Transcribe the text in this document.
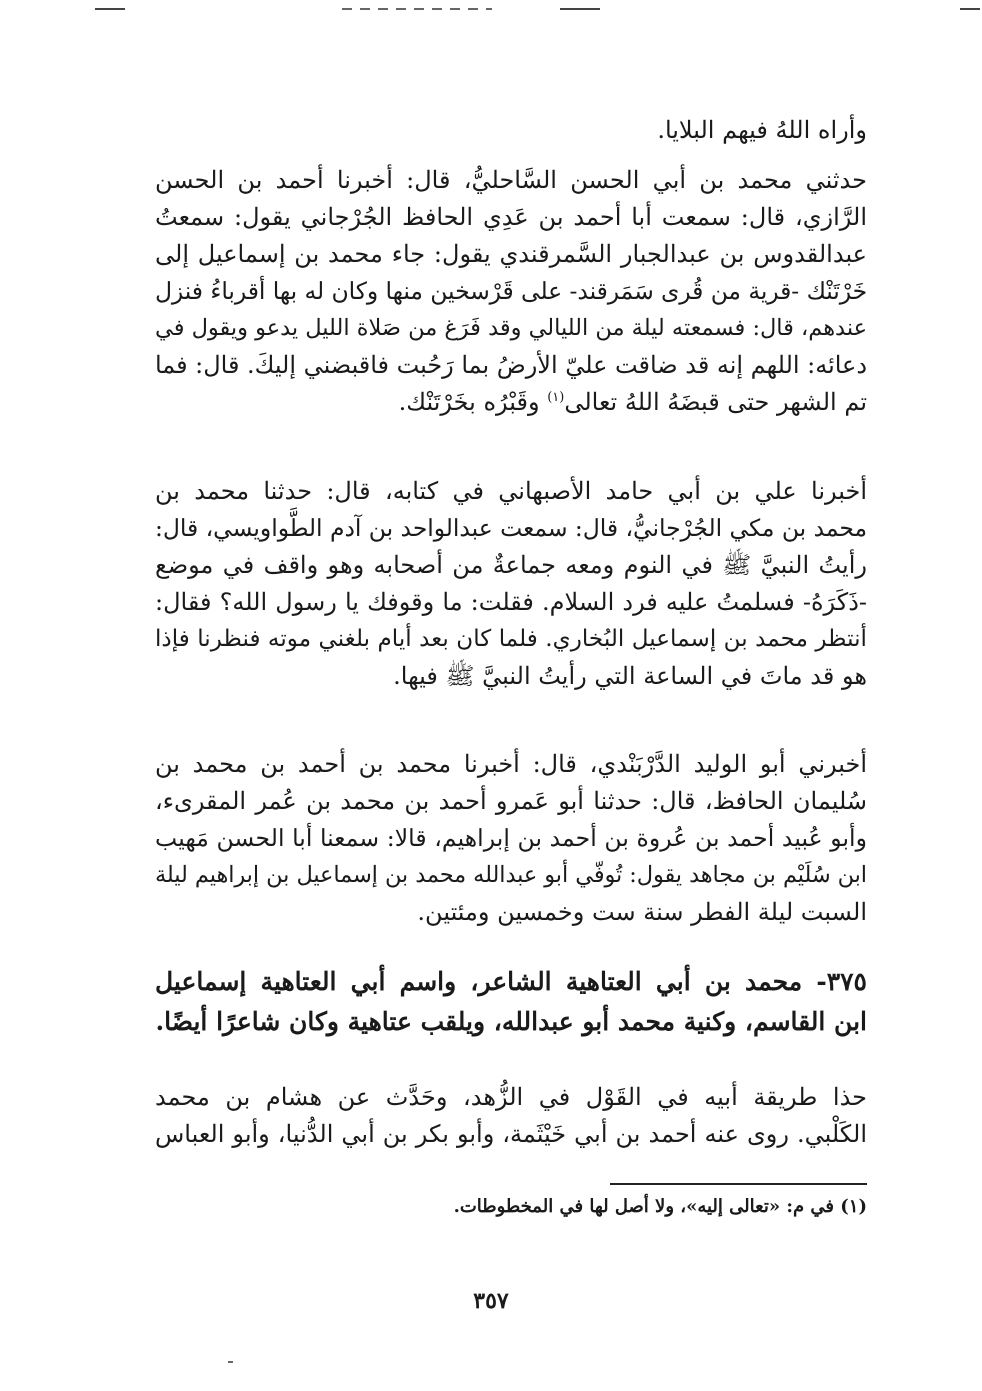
وأراه اللهُ فيهم البلايا.
حدثني محمد بن أبي الحسن السَّاحليُّ، قال: أخبرنا أحمد بن الحسن
الرَّازي، قال: سمعت أبا أحمد بن عَدِي الحافظ الجُرْجاني يقول: سمعتُ
عبدالقدوس بن عبدالجبار السَّمرقندي يقول: جاء محمد بن إسماعيل إلى
خَرْتَنْك -قرية من قُرى سَمَرقند- على قَرْسخين منها وكان له بها أقرباءُ فنزل
عندهم، قال: فسمعته ليلة من الليالي وقد فَرَغ من صَلاة الليل يدعو ويقول في
دعائه: اللهم إنه قد ضاقت عليّ الأرضُ بما رَحُبت فاقبضني إليكَ. قال: فما
تم الشهر حتى قبضَهُ اللهُ تعالى$^{(١)}$ وقَبْرُه بخَرْتَنْك.
أخبرنا علي بن أبي حامد الأصبهاني في كتابه، قال: حدثنا محمد بن
محمد بن مكي الجُرْجانيُّ، قال: سمعت عبدالواحد بن آدم الطَّواويسي، قال:
رأيتُ النبيَّ ﷺ في النوم ومعه جماعةٌ من أصحابه وهو واقف في موضع
-ذَكَرَهُ- فسلمتُ عليه فرد السلام. فقلت: ما وقوفك يا رسول الله؟ فقال:
أنتظر محمد بن إسماعيل البُخاري. فلما كان بعد أيام بلغني موته فنظرنا فإذا
هو قد ماتَ في الساعة التي رأيتُ النبيَّ ﷺ فيها.
أخبرني أبو الوليد الدَّرْبَنْدي، قال: أخبرنا محمد بن أحمد بن محمد بن
سُليمان الحافظ، قال: حدثنا أبو عَمرو أحمد بن محمد بن عُمر المقرىء،
وأبو عُبيد أحمد بن عُروة بن أحمد بن إبراهيم، قالا: سمعنا أبا الحسن مَهيب
ابن سُلَيْم بن مجاهد يقول: تُوفّي أبو عبدالله محمد بن إسماعيل بن إبراهيم ليلة
السبت ليلة الفطر سنة ست وخمسين ومئتين.
٣٧٥- محمد بن أبي العتاهية الشاعر، واسم أبي العتاهية إسماعيل
ابن القاسم، وكنية محمد أبو عبدالله، ويلقب عتاهية وكان شاعرًا أيضًا.
حذا طريقة أبيه في القَوْل في الزُّهد، وحَدَّث عن هشام بن محمد
الكَلْبي. روى عنه أحمد بن أبي خَيْثَمة، وأبو بكر بن أبي الدُّنيا، وأبو العباس
(١) في م: «تعالى إليه»، ولا أصل لها في المخطوطات.
٣٥٧
